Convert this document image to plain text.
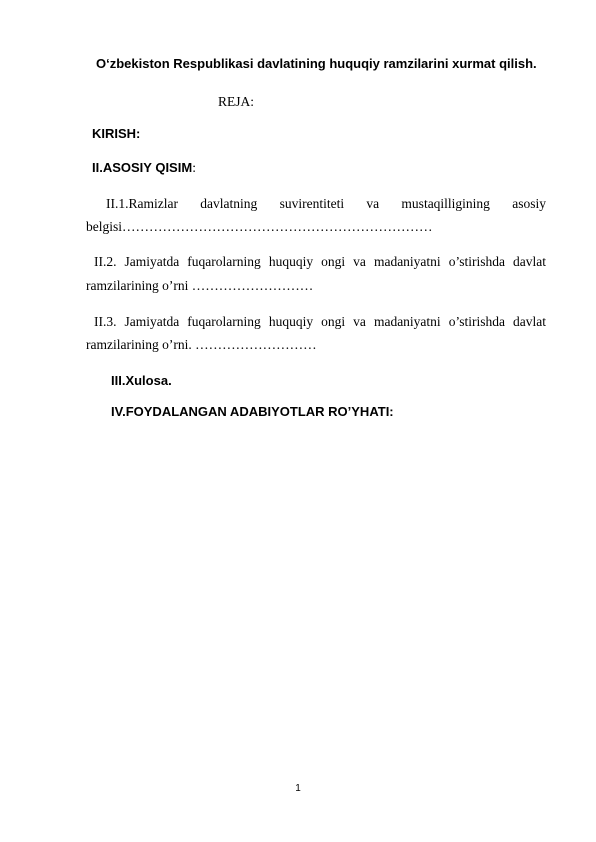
O‘zbekiston Respublikasi davlatining huquqiy ramzilarini xurmat qilish.
REJA:
KIRISH:
II.ASOSIY QISIM:
II.1.Ramizlar davlatning suvirentiteti va mustaqilligining asosiy
belgisi……………………………………………………………
II.2. Jamiyatda fuqarolarning huquqiy ongi va madaniyatni o’stirishda davlat
ramzilarining o’rni ………………………
II.3. Jamiyatda fuqarolarning huquqiy ongi va madaniyatni o’stirishda davlat
ramzilarining o’rni. ………………………
III.Xulosa.
IV.FOYDALANGAN ADABIYOTLAR RO’YHATI:
1
